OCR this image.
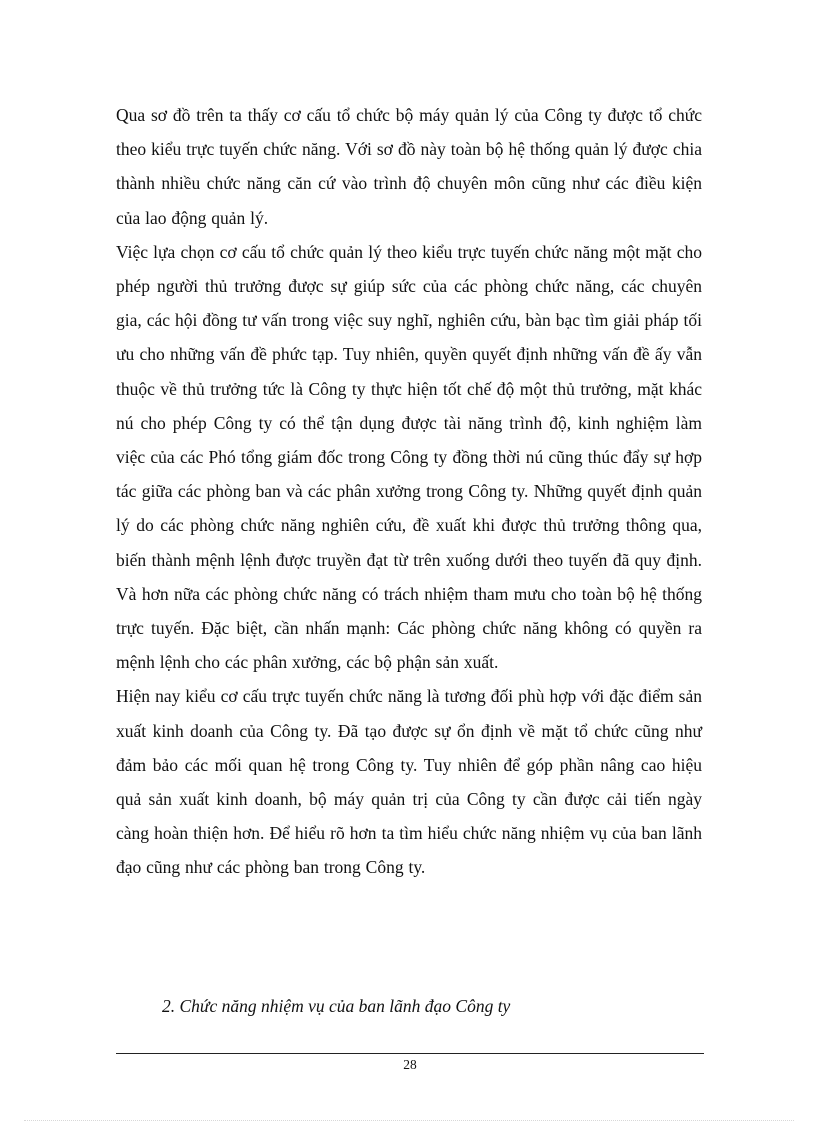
Qua sơ đồ trên ta thấy cơ cấu tổ chức bộ máy quản lý của Công ty được tổ chức theo kiểu trực tuyến chức năng. Với sơ đồ này toàn bộ hệ thống quản lý được chia thành nhiều chức năng căn cứ vào trình độ chuyên môn cũng như các điều kiện của lao động quản lý.

Việc lựa chọn cơ cấu tổ chức quản lý theo kiểu trực tuyến chức năng một mặt cho phép người thủ trưởng được sự giúp sức của các phòng chức năng, các chuyên gia, các hội đồng tư vấn trong việc suy nghĩ, nghiên cứu, bàn bạc tìm giải pháp tối ưu cho những vấn đề phức tạp. Tuy nhiên, quyền quyết định những vấn đề ấy vẫn thuộc về thủ trưởng tức là Công ty thực hiện tốt chế độ một thủ trưởng, mặt khác nú cho phép Công ty có thể tận dụng được tài năng trình độ, kinh nghiệm làm việc của các Phó tổng giám đốc trong Công ty đồng thời nú cũng thúc đẩy sự hợp tác giữa các phòng ban và các phân xưởng trong Công ty. Những quyết định quản lý do các phòng chức năng nghiên cứu, đề xuất khi được thủ trưởng thông qua, biến thành mệnh lệnh được truyền đạt từ trên xuống dưới theo tuyến đã quy định. Và hơn nữa các phòng chức năng có trách nhiệm tham mưu cho toàn bộ hệ thống trực tuyến. Đặc biệt, cần nhấn mạnh: Các phòng chức năng không có quyền ra mệnh lệnh cho các phân xưởng, các bộ phận sản xuất.

Hiện nay kiểu cơ cấu trực tuyến chức năng là tương đối phù hợp với đặc điểm sản xuất kinh doanh của Công ty. Đã tạo được sự ổn định về mặt tổ chức cũng như đảm bảo các mối quan hệ trong Công ty. Tuy nhiên để góp phần nâng cao hiệu quả sản xuất kinh doanh, bộ máy quản trị của Công ty cần được cải tiến ngày càng hoàn thiện hơn. Để hiểu rõ hơn ta tìm hiểu chức năng nhiệm vụ của ban lãnh đạo cũng như các phòng ban trong Công ty.

2. Chức năng nhiệm vụ của ban lãnh đạo Công ty

28
